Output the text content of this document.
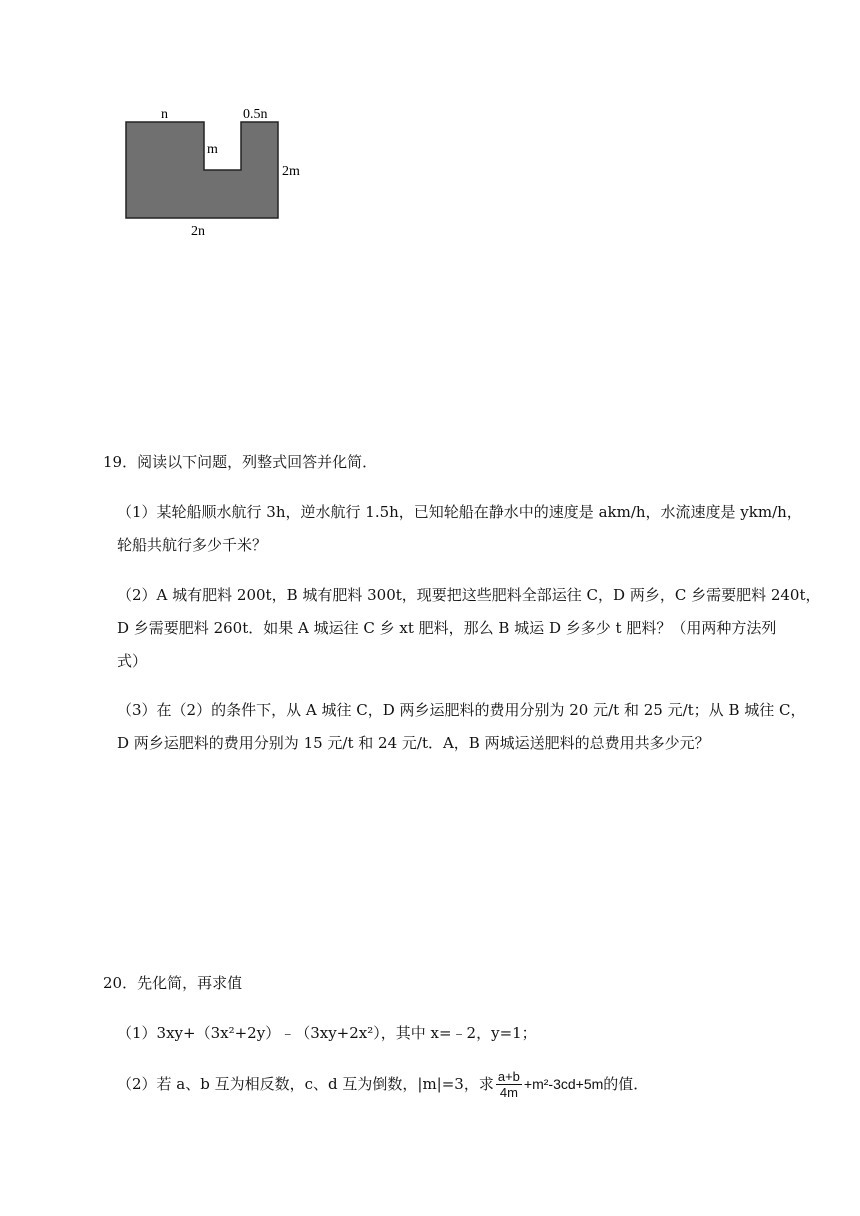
n	0.5n
m
2m
2n
19．阅读以下问题，列整式回答并化简．
（1）某轮船顺水航行 3h，逆水航行 1.5h，已知轮船在静水中的速度是 akm/h，水流速度是 ykm/h，
轮船共航行多少千米？
（2）A 城有肥料 200t，B 城有肥料 300t，现要把这些肥料全部运往 C，D 两乡，C 乡需要肥料 240t，
D 乡需要肥料 260t．如果 A 城运往 C 乡 xt 肥料，那么 B 城运 D 乡多少 t 肥料？（用两种方法列
式）
（3）在（2）的条件下，从 A 城往 C，D 两乡运肥料的费用分别为 20 元/t 和 25 元/t；从 B 城往 C，
D 两乡运肥料的费用分别为 15 元/t 和 24 元/t．A，B 两城运送肥料的总费用共多少元？
20．先化简，再求值
（1）3xy+（3x²+2y）﹣（3xy+2x²），其中 x=﹣2，y=1；
（2）若 a、b 互为相反数，c、d 互为倒数，|m|=3，求 $\frac{a+b}{4m} +m^2-3cd+5m$的值．
